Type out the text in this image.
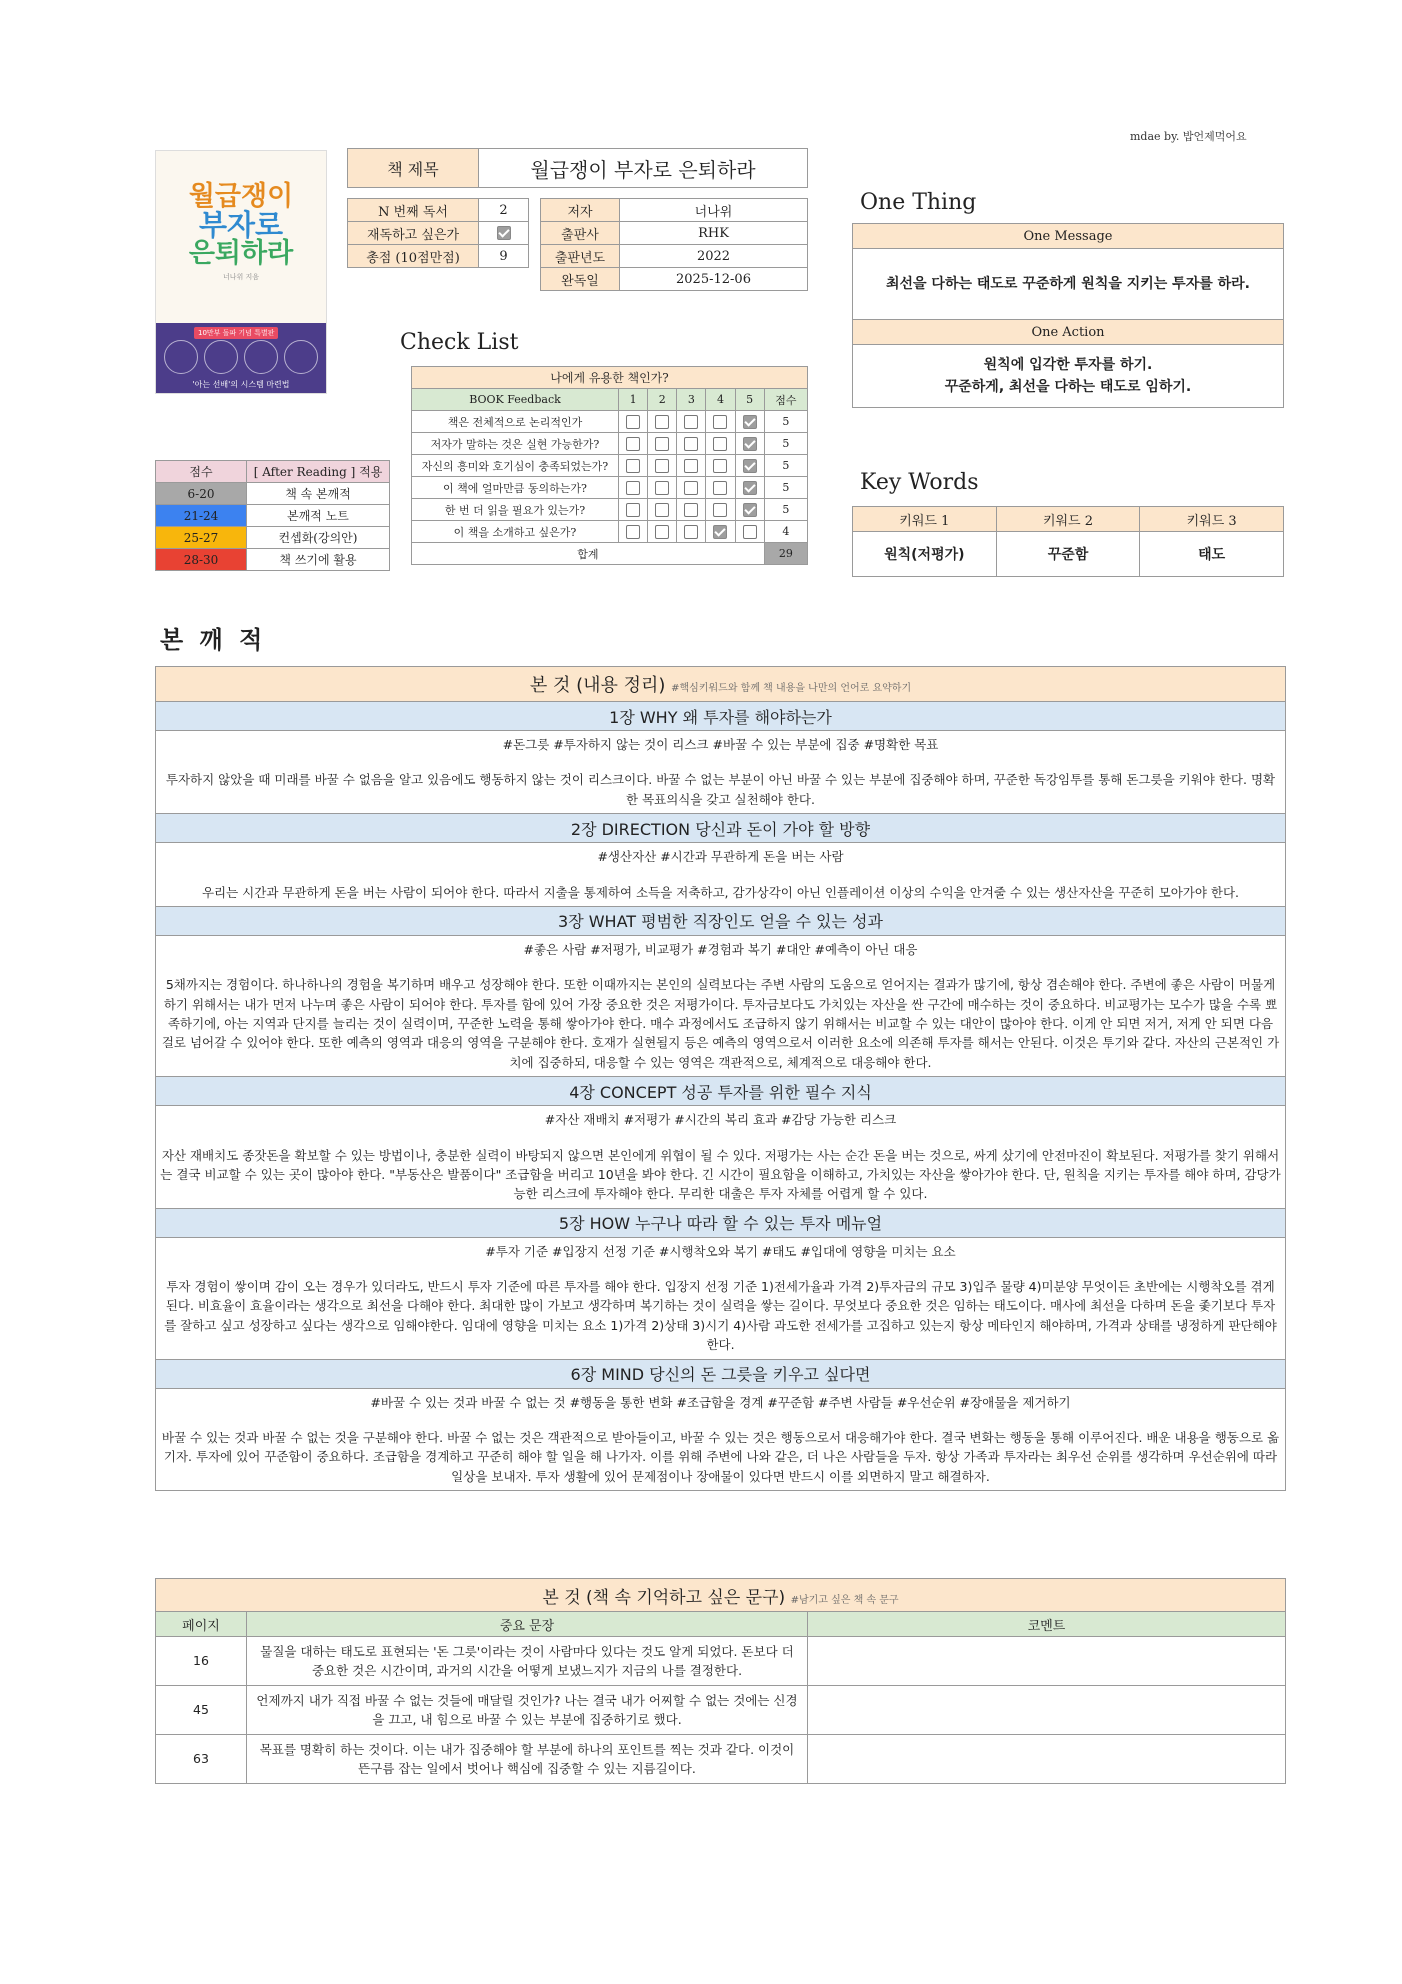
mdae by. 밥언제먹어요
월급쟁이
부자로
은퇴하라
너나위 지음
10만부 돌파 기념 특별판
'아는 선배'의 시스템 마련법
책 제목	월급쟁이 부자로 은퇴하라
N 번째 독서	2
재독하고 싶은가	
총점 (10점만점)	9
저자	너나위
출판사	RHK
출판년도	2022
완독일	2025-12-06
점수	[ After Reading ] 적용
6-20	책 속 본깨적
21-24	본깨적 노트
25-27	컨셉화(강의안)
28-30	책 쓰기에 활용
Check List
나에게 유용한 책인가?						
BOOK Feedback	1	2	3	4	5	점수
책은 전체적으로 논리적인가						5
저자가 말하는 것은 실현 가능한가?						5
자신의 흥미와 호기심이 충족되었는가?						5
이 책에 얼마만큼 동의하는가?						5
한 번 더 읽을 필요가 있는가?						5
이 책을 소개하고 싶은가?						4
합계						29
One Thing
One Message
최선을 다하는 태도로 꾸준하게 원칙을 지키는 투자를 하라.
One Action

원칙에 입각한 투자를 하기.
꾸준하게, 최선을 다하는 태도로 임하기.
Key Words
키워드 1	키워드 2	키워드 3
원칙(저평가)	꾸준함	태도
본 깨 적
본 것 (내용 정리) #핵심키워드와 함께 책 내용을 나만의 언어로 요약하기
1장 WHY 왜 투자를 해야하는가

#돈그릇 #투자하지 않는 것이 리스크 #바꿀 수 있는 부분에 집중 #명확한 목표
투자하지 않았을 때 미래를 바꿀 수 없음을 알고 있음에도 행동하지 않는 것이 리스크이다. 바꿀 수 없는 부분이 아닌 바꿀 수 있는 부분에 집중해야 하며, 꾸준한 독강임투를 통해 돈그릇을 키워야 한다. 명확한 목표의식을 갖고 실천해야 한다.

2장 DIRECTION 당신과 돈이 가야 할 방향

#생산자산 #시간과 무관하게 돈을 버는 사람
우리는 시간과 무관하게 돈을 버는 사람이 되어야 한다. 따라서 지출을 통제하여 소득을 저축하고, 감가상각이 아닌 인플레이션 이상의 수익을 안겨줄 수 있는 생산자산을 꾸준히 모아가야 한다.

3장 WHAT 평범한 직장인도 얻을 수 있는 성과

#좋은 사람 #저평가, 비교평가 #경험과 복기 #대안 #예측이 아닌 대응
5채까지는 경험이다. 하나하나의 경험을 복기하며 배우고 성장해야 한다. 또한 이때까지는 본인의 실력보다는 주변 사람의 도움으로 얻어지는 결과가 많기에, 항상 겸손해야 한다. 주변에 좋은 사람이 머물게 하기 위해서는 내가 먼저 나누며 좋은 사람이 되어야 한다. 투자를 함에 있어 가장 중요한 것은 저평가이다. 투자금보다도 가치있는 자산을 싼 구간에 매수하는 것이 중요하다. 비교평가는 모수가 많을 수록 뾰족하기에, 아는 지역과 단지를 늘리는 것이 실력이며, 꾸준한 노력을 통해 쌓아가야 한다. 매수 과정에서도 조급하지 않기 위해서는 비교할 수 있는 대안이 많아야 한다. 이게 안 되면 저거, 저게 안 되면 다음 걸로 넘어갈 수 있어야 한다. 또한 예측의 영역과 대응의 영역을 구분해야 한다. 호재가 실현될지 등은 예측의 영역으로서 이러한 요소에 의존해 투자를 해서는 안된다. 이것은 투기와 같다. 자산의 근본적인 가치에 집중하되, 대응할 수 있는 영역은 객관적으로, 체계적으로 대응해야 한다.

4장 CONCEPT 성공 투자를 위한 필수 지식

#자산 재배치 #저평가 #시간의 복리 효과 #감당 가능한 리스크
자산 재배치도 종잣돈을 확보할 수 있는 방법이나, 충분한 실력이 바탕되지 않으면 본인에게 위협이 될 수 있다. 저평가는 사는 순간 돈을 버는 것으로, 싸게 샀기에 안전마진이 확보된다. 저평가를 찾기 위해서는 결국 비교할 수 있는 곳이 많아야 한다. "부동산은 발품이다" 조급함을 버리고 10년을 봐야 한다. 긴 시간이 필요함을 이해하고, 가치있는 자산을 쌓아가야 한다. 단, 원칙을 지키는 투자를 해야 하며, 감당가능한 리스크에 투자해야 한다. 무리한 대출은 투자 자체를 어렵게 할 수 있다.

5장 HOW 누구나 따라 할 수 있는 투자 메뉴얼

#투자 기준 #입장지 선정 기준 #시행착오와 복기 #태도 #입대에 영향을 미치는 요소
투자 경험이 쌓이며 감이 오는 경우가 있더라도, 반드시 투자 기준에 따른 투자를 해야 한다. 입장지 선정 기준 1)전세가율과 가격 2)투자금의 규모 3)입주 물량 4)미분양 무엇이든 초반에는 시행착오를 겪게 된다. 비효율이 효율이라는 생각으로 최선을 다해야 한다. 최대한 많이 가보고 생각하며 복기하는 것이 실력을 쌓는 길이다. 무엇보다 중요한 것은 임하는 태도이다. 매사에 최선을 다하며 돈을 좇기보다 투자를 잘하고 싶고 성장하고 싶다는 생각으로 임해야한다. 임대에 영향을 미치는 요소 1)가격 2)상태 3)시기 4)사람 과도한 전세가를 고집하고 있는지 항상 메타인지 해야하며, 가격과 상태를 냉정하게 판단해야 한다.

6장 MIND 당신의 돈 그릇을 키우고 싶다면

#바꿀 수 있는 것과 바꿀 수 없는 것 #행동을 통한 변화 #조급함을 경계 #꾸준함 #주변 사람들 #우선순위 #장애물을 제거하기
바꿀 수 있는 것과 바꿀 수 없는 것을 구분해야 한다. 바꿀 수 없는 것은 객관적으로 받아들이고, 바꿀 수 있는 것은 행동으로서 대응해가야 한다. 결국 변화는 행동을 통해 이루어진다. 배운 내용을 행동으로 옮기자. 투자에 있어 꾸준함이 중요하다. 조급함을 경계하고 꾸준히 해야 할 일을 해 나가자. 이를 위해 주변에 나와 같은, 더 나은 사람들을 두자. 항상 가족과 투자라는 최우선 순위를 생각하며 우선순위에 따라 일상을 보내자. 투자 생활에 있어 문제점이나 장애물이 있다면 반드시 이를 외면하지 말고 해결하자.
본 것 (책 속 기억하고 싶은 문구) #남기고 싶은 책 속 문구		
페이지	중요 문장	코멘트
16	물질을 대하는 태도로 표현되는 '돈 그릇'이라는 것이 사람마다 있다는 것도 알게 되었다. 돈보다 더 중요한 것은 시간이며, 과거의 시간을 어떻게 보냈느지가 지금의 나를 결정한다.	
45	언제까지 내가 직접 바꿀 수 없는 것들에 매달릴 것인가? 나는 결국 내가 어찌할 수 없는 것에는 신경을 끄고, 내 힘으로 바꿀 수 있는 부분에 집중하기로 했다.	
63	목표를 명확히 하는 것이다. 이는 내가 집중해야 할 부분에 하나의 포인트를 찍는 것과 같다. 이것이 뜬구름 잡는 일에서 벗어나 핵심에 집중할 수 있는 지름길이다.	
